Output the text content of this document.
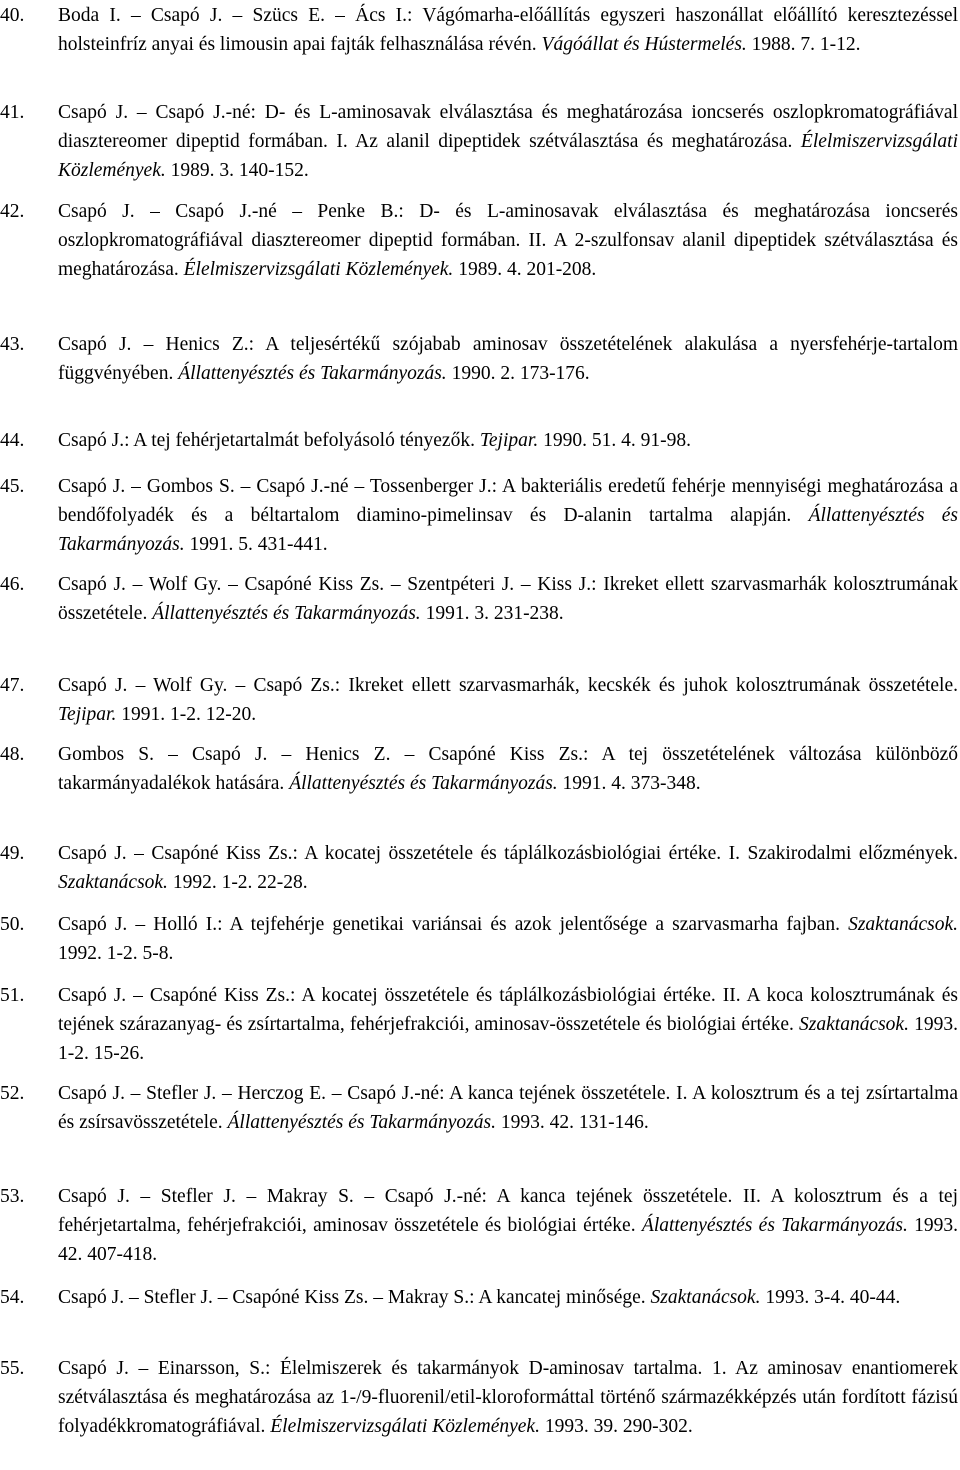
40. Boda I. – Csapó J. – Szücs E. – Ács I.: Vágómarha-előállítás egyszeri haszonállat előállító keresztezéssel holsteinfríz anyai és limousin apai fajták felhasználása révén. Vágóállat és Hústermelés. 1988. 7. 1-12.
41. Csapó J. – Csapó J.-né: D- és L-aminosavak elválasztása és meghatározása ioncserés oszlopkromatográfiával diasztereomer dipeptid formában. I. Az alanil dipeptidek szétválasztása és meghatározása. Élelmiszervizsgálati Közlemények. 1989. 3. 140-152.
42. Csapó J. – Csapó J.-né – Penke B.: D- és L-aminosavak elválasztása és meghatározása ioncserés oszlopkromatográfiával diasztereomer dipeptid formában. II. A 2-szulfonsav alanil dipeptidek szétválasztása és meghatározása. Élelmiszervizsgálati Közlemények. 1989. 4. 201-208.
43. Csapó J. – Henics Z.: A teljesértékű szójabab aminosav összetételének alakulása a nyersfehérje-tartalom függvényében. Állattenyésztés és Takarmányozás. 1990. 2. 173-176.
44. Csapó J.: A tej fehérjetartalmát befolyásoló tényezők. Tejipar. 1990. 51. 4. 91-98.
45. Csapó J. – Gombos S. – Csapó J.-né – Tossenberger J.: A bakteriális eredetű fehérje mennyiségi meghatározása a bendőfolyadék és a béltartalom diamino-pimelinsav és D-alanin tartalma alapján. Állattenyésztés és Takarmányozás. 1991. 5. 431-441.
46. Csapó J. – Wolf Gy. – Csapóné Kiss Zs. – Szentpéteri J. – Kiss J.: Ikreket ellett szarvasmarhák kolosztrumának összetétele. Állattenyésztés és Takarmányozás. 1991. 3. 231-238.
47. Csapó J. – Wolf Gy. – Csapó Zs.: Ikreket ellett szarvasmarhák, kecskék és juhok kolosztrumának összetétele. Tejipar. 1991. 1-2. 12-20.
48. Gombos S. – Csapó J. – Henics Z. – Csapóné Kiss Zs.: A tej összetételének változása különböző takarmányadalékok hatására. Állattenyésztés és Takarmányozás. 1991. 4. 373-348.
49. Csapó J. – Csapóné Kiss Zs.: A kocatej összetétele és táplálkozásbiológiai értéke. I. Szakirodalmi előzmények. Szaktanácsok. 1992. 1-2. 22-28.
50. Csapó J. – Holló I.: A tejfehérje genetikai variánsai és azok jelentősége a szarvasmarha fajban. Szaktanácsok. 1992. 1-2. 5-8.
51. Csapó J. – Csapóné Kiss Zs.: A kocatej összetétele és táplálkozásbiológiai értéke. II. A koca kolosztrumának és tejének szárazanyag- és zsírtartalma, fehérjefrakciói, aminosav-összetétele és biológiai értéke. Szaktanácsok. 1993. 1-2. 15-26.
52. Csapó J. – Stefler J. – Herczog E. – Csapó J.-né: A kanca tejének összetétele. I. A kolosztrum és a tej zsírtartalma és zsírsavösszetétele. Állattenyésztés és Takarmányozás. 1993. 42. 131-146.
53. Csapó J. – Stefler J. – Makray S. – Csapó J.-né: A kanca tejének összetétele. II. A kolosztrum és a tej fehérjetartalma, fehérjefrakciói, aminosav összetétele és biológiai értéke. Álattenyésztés és Takarmányozás. 1993. 42. 407-418.
54. Csapó J. – Stefler J. – Csapóné Kiss Zs. – Makray S.: A kancatej minősége. Szaktanácsok. 1993. 3-4. 40-44.
55. Csapó J. – Einarsson, S.: Élelmiszerek és takarmányok D-aminosav tartalma. 1. Az aminosav enantiomerek szétválasztása és meghatározása az 1-/9-fluorenil/etil-kloroformáttal történő származékképzés után fordított fázisú folyadékkromatográfiával. Élelmiszervizsgálati Közlemények. 1993. 39. 290-302.
